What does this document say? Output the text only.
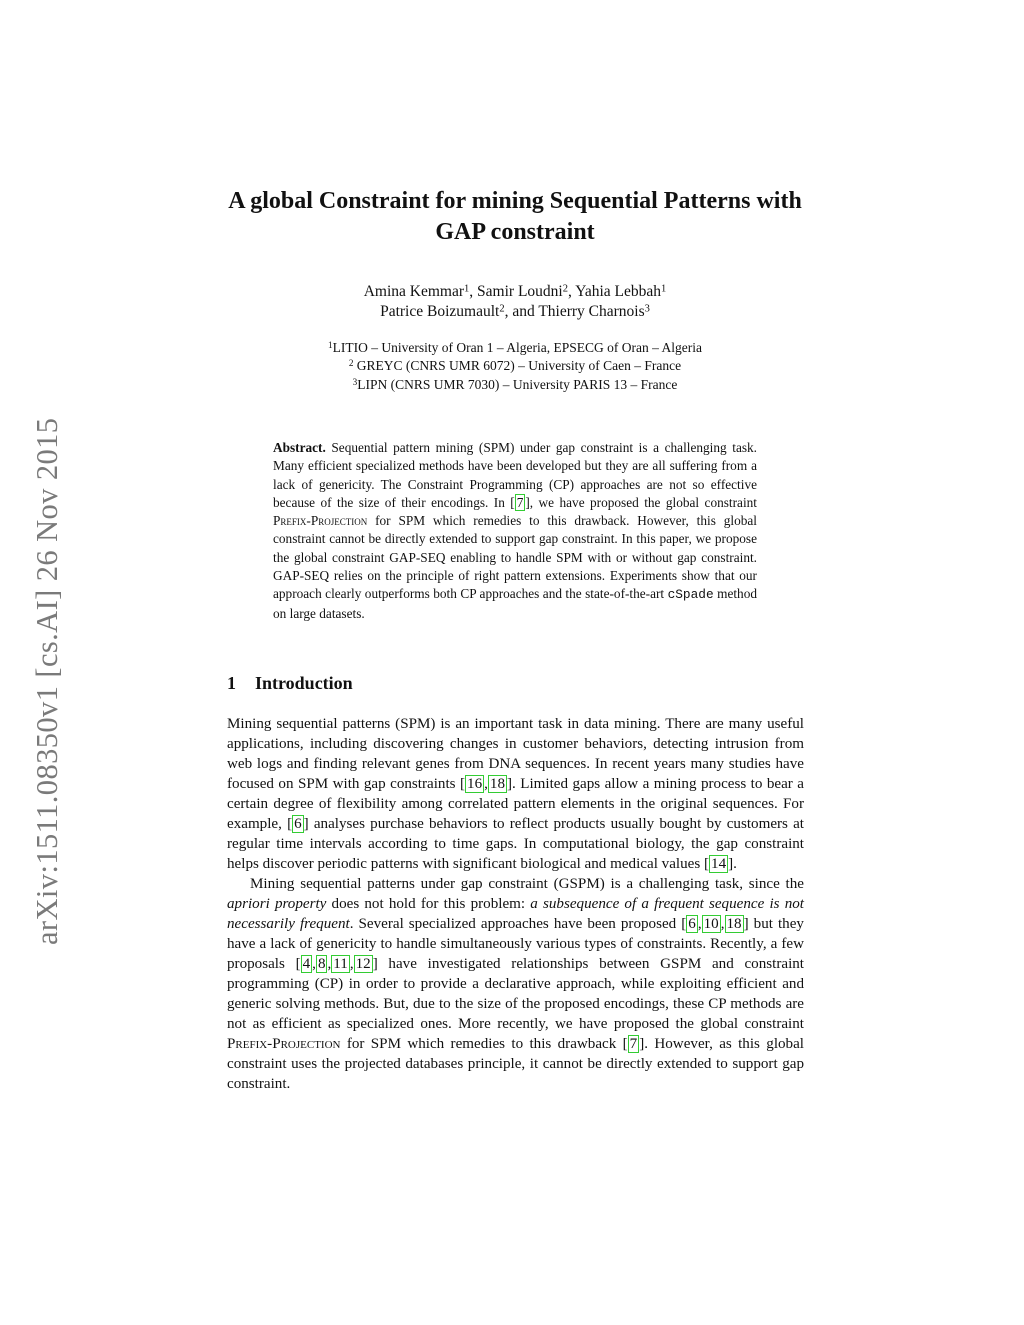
arXiv:1511.08350v1 [cs.AI] 26 Nov 2015
A global Constraint for mining Sequential Patterns with
GAP constraint
Amina Kemmar$^1$, Samir Loudni$^2$, Yahia Lebbah$^1$
Patrice Boizumault$^2$, and Thierry Charnois$^3$
$^1$LITIO – University of Oran 1 – Algeria, EPSECG of Oran – Algeria
$^2$ GREYC (CNRS UMR 6072) – University of Caen – France
$^3$LIPN (CNRS UMR 7030) – University PARIS 13 – France
Abstract. Sequential pattern mining (SPM) under gap constraint is a challenging task. Many efficient specialized methods have been developed but they are all suffering from a lack of genericity. The Constraint Programming (CP) approaches are not so effective because of the size of their encodings. In [ 7 ], we have proposed the global constraint Prefix-Projection for SPM which remedies to this drawback. However, this global constraint cannot be directly extended to support gap constraint. In this paper, we propose the global constraint GAP-SEQ enabling to handle SPM with or without gap constraint. GAP-SEQ relies on the principle of right pattern extensions. Experiments show that our approach clearly outperforms both CP approaches and the state-of-the-art cSpade method on large datasets.
1 Introduction

Mining sequential patterns (SPM) is an important task in data mining. There are many useful applications, including discovering changes in customer behaviors, detecting intrusion from web logs and finding relevant genes from DNA sequences. In recent years many studies have focused on SPM with gap constraints [ 16 , 18 ]. Limited gaps allow a mining process to bear a certain degree of flexibility among correlated pattern elements in the original sequences. For example, [ 6 ] analyses purchase behaviors to reflect products usually bought by customers at regular time intervals according to time gaps. In computational biology, the gap constraint helps discover periodic patterns with significant biological and medical values [ 14 ].

Mining sequential patterns under gap constraint (GSPM) is a challenging task, since the apriori property does not hold for this problem: a subsequence of a frequent sequence is not necessarily frequent. Several specialized approaches have been proposed [ 6 , 10 , 18 ] but they have a lack of genericity to handle simultaneously various types of constraints. Recently, a few proposals [ 4 , 8 , 11 , 12 ] have investigated relationships between GSPM and constraint programming (CP) in order to provide a declarative approach, while exploiting efficient and generic solving methods. But, due to the size of the proposed encodings, these CP methods are not as efficient as specialized ones. More recently, we have proposed the global constraint Prefix-Projection for SPM which remedies to this drawback [ 7 ]. However, as this global constraint uses the projected databases principle, it cannot be directly extended to support gap constraint.
